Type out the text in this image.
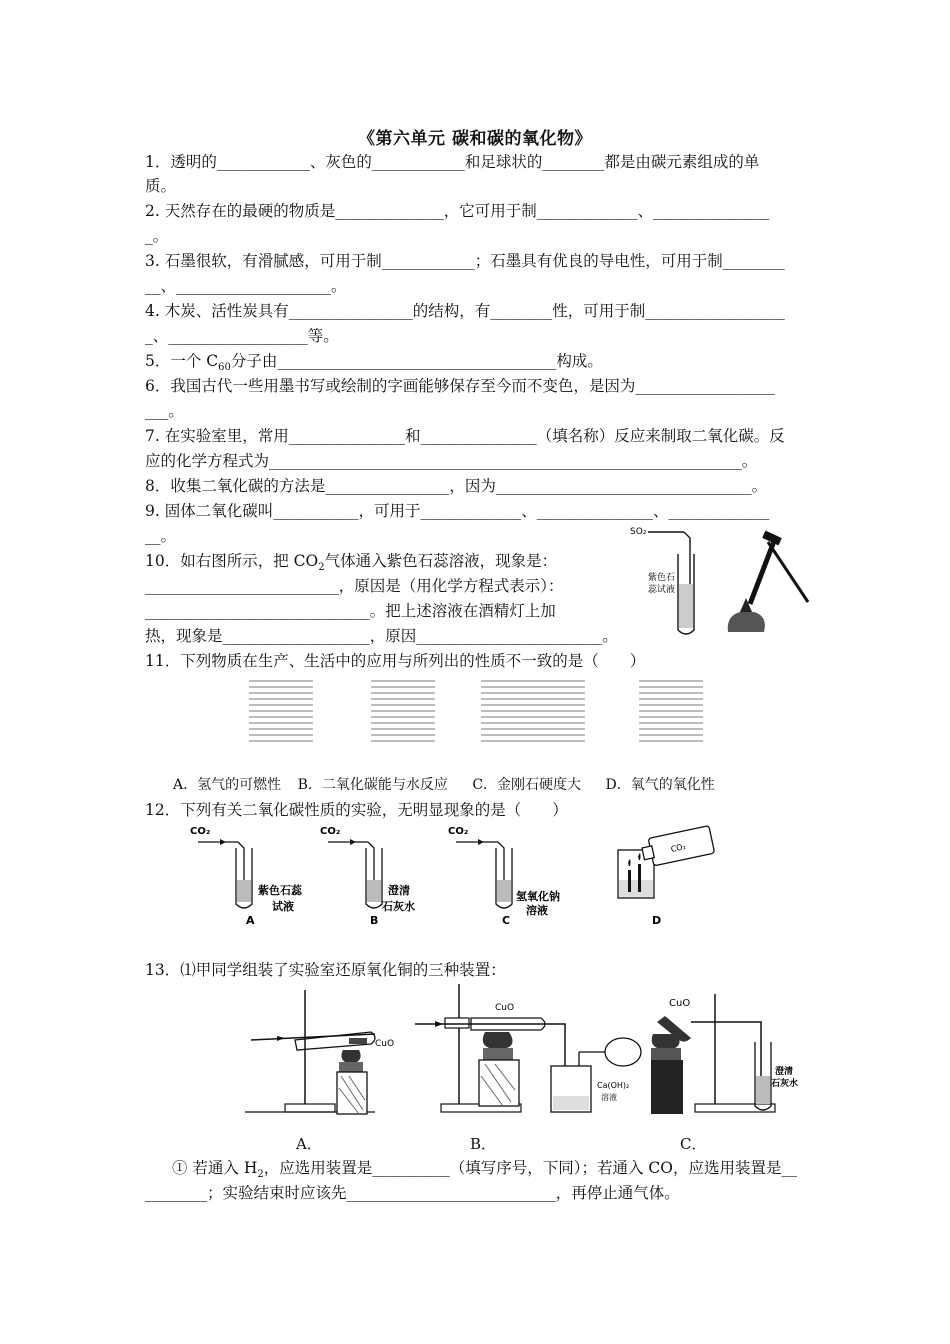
《第六单元 碳和碳的氧化物》
1．透明的____________、灰色的____________和足球状的________都是由碳元素组成的单
质。
2. 天然存在的最硬的物质是______________，它可用于制_____________、_______________
_。
3. 石墨很软，有滑腻感，可用于制____________；石墨具有优良的导电性，可用于制________
__、____________________。
4. 木炭、活性炭具有________________的结构，有________性，可用于制__________________
_、__________________等。
5．一个 $C_{60}$分子由____________________________________构成。
6．我国古代一些用墨书写或绘制的字画能够保存至今而不变色，是因为__________________
___。
7. 在实验室里，常用_______________和_______________（填名称）反应来制取二氧化碳。反
应的化学方程式为_____________________________________________________________。
8．收集二氧化碳的方法是________________，因为_________________________________。
9. 固体二氧化碳叫___________，可用于_____________、_______________、_____________
__。
10．如右图所示，把 $CO_2$气体通入紫色石蕊溶液，现象是：
_________________________，原因是（用化学方程式表示）：
_____________________________。把上述溶液在酒精灯上加
热，现象是___________________，原因________________________。
SO₂
紫色石
蕊试液
11．下列物质在生产、生活中的应用与所列出的性质不一致的是（　　）
A．氢气的可燃性 B．二氧化碳能与水反应 C．金刚石硬度大 D．氧气的氧化性
12．下列有关二氧化碳性质的实验，无明显现象的是（　　）
CO₂
紫色石蕊
试液
A
CO₂
澄清
石灰水
B
CO₂
氢氧化钠
溶液
C
CO₂
D
13．⑴甲同学组装了实验室还原氧化铜的三种装置：
CuO
CuO
Ca(OH)₂
溶液
CuO
澄清
石灰水
A．	B．	C．
① 若通入 $H_2$，应选用装置是__________（填写序号，下同）；若通入 CO，应选用装置是__
________；实验结束时应该先___________________________，再停止通气体。
